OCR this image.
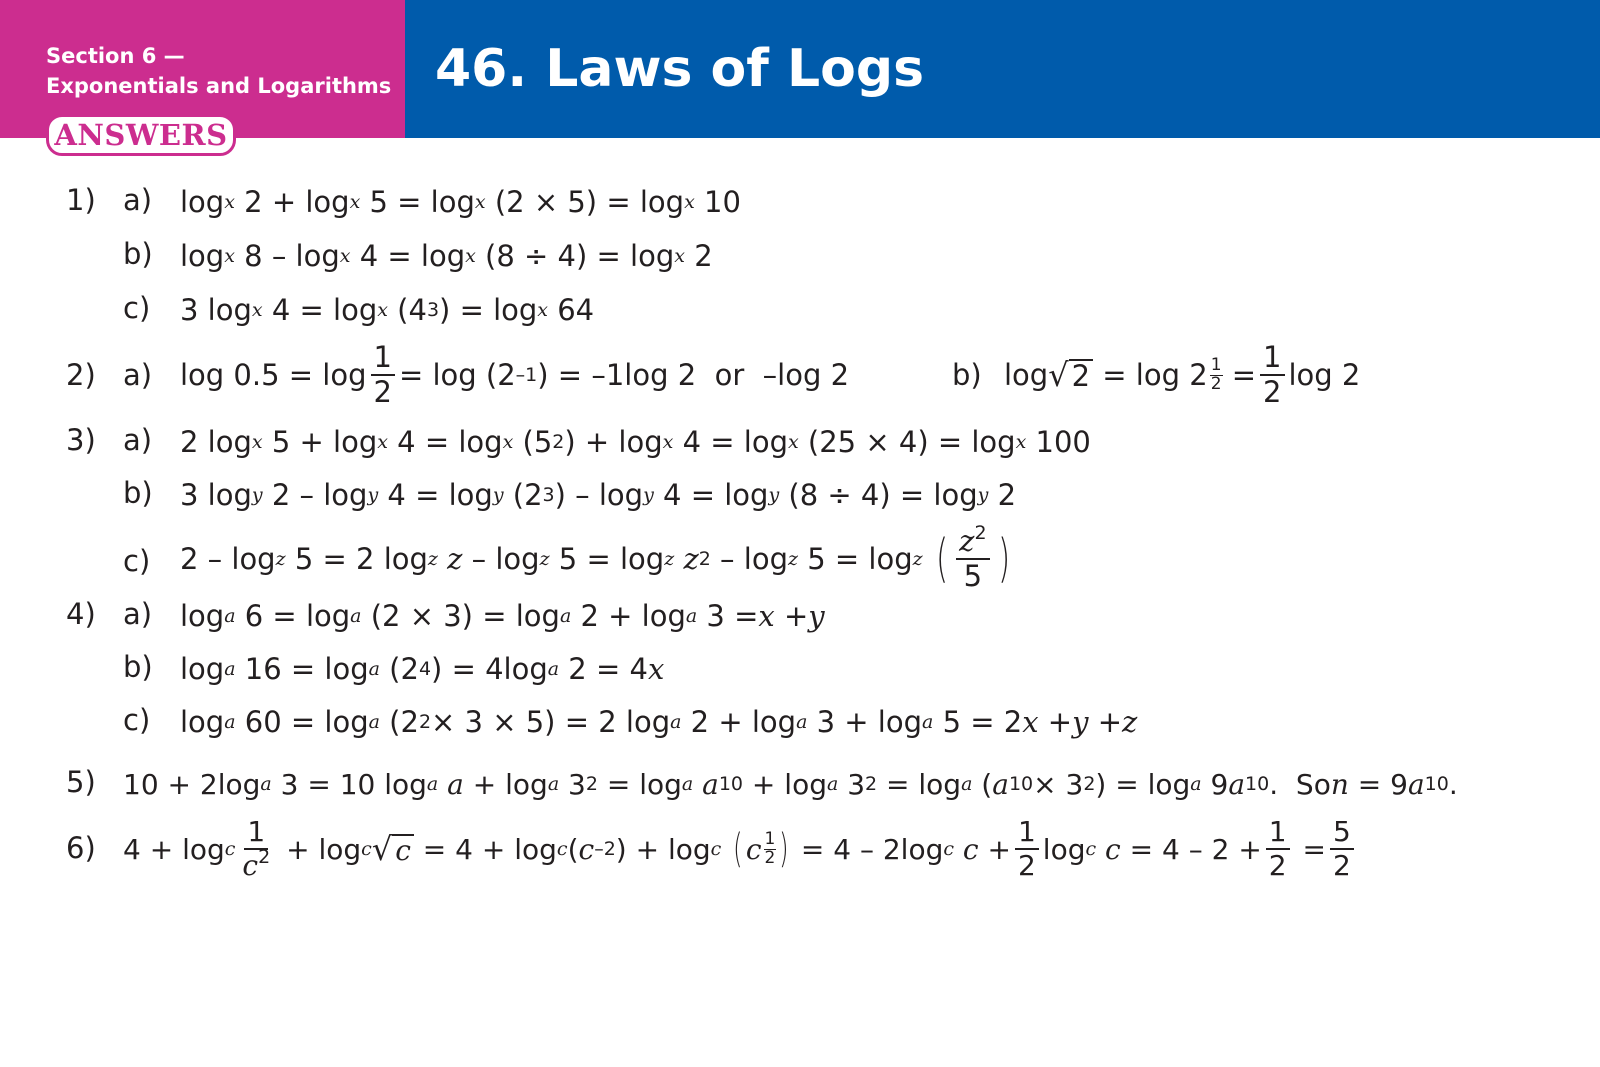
Section 6 —
Exponentials and Logarithms 46. Laws of Logs
ANSWERS
1) a) log x 2 + log x 5 = log x (2 × 5) = log x 10
b) log x 8 – log x 4 = log x (8 ÷ 4) = log x 2
c) 3 log x 4 = log x (4 3 ) = log x 64
2) a) $\log 0.5 = \log \frac{1}{2} = \log (2$ –1 ) = –1log 2  or  –log 2	b) log √ 2 = log 2 1
$2 = \frac{1}{2}$ log 2
3) a) 2 log x 5 + log x 4 = log x (5 2 ) + log x 4 = log x (25 × 4) = log x 100
b) 3 log y 2 – log y 4 = log y (2 3 ) – log y 4 = log y (8 ÷ 4) = log y 2
c) 2 – log z 5 = 2 log z
z – log z 5 = log z
z 2 – log z 5 = log z
( $\frac{z^2}{5}$ )
4) a) log a 6 = log a (2 × 3) = log a 2 + log a 3 = x + y
b) log a 16 = log a (2 4 ) = 4log a 2 = 4 x
c) log a 60 = log a (2 2 × 3 × 5) = 2 log a 2 + log a 3 + log a 5 = 2 x + y + z
5) 10 + 2log a 3 = 10 log a
a + log a 3 2 = log a
a 10 + log a 3 2 = log a ( a 10 × 3 2 ) = log a 9 a 10 .  So n = 9 a 10 .
6) 4 + log c $\frac{1}{c^2} + \log c$ √ c = 4 + log c ( c –2 ) + log c
( c 1
2 ) = 4 – 2log c
$c + \frac{1}{2}$ log c
$c = 4 - 2 + \frac{1}{2} = \frac{5}{2}$
